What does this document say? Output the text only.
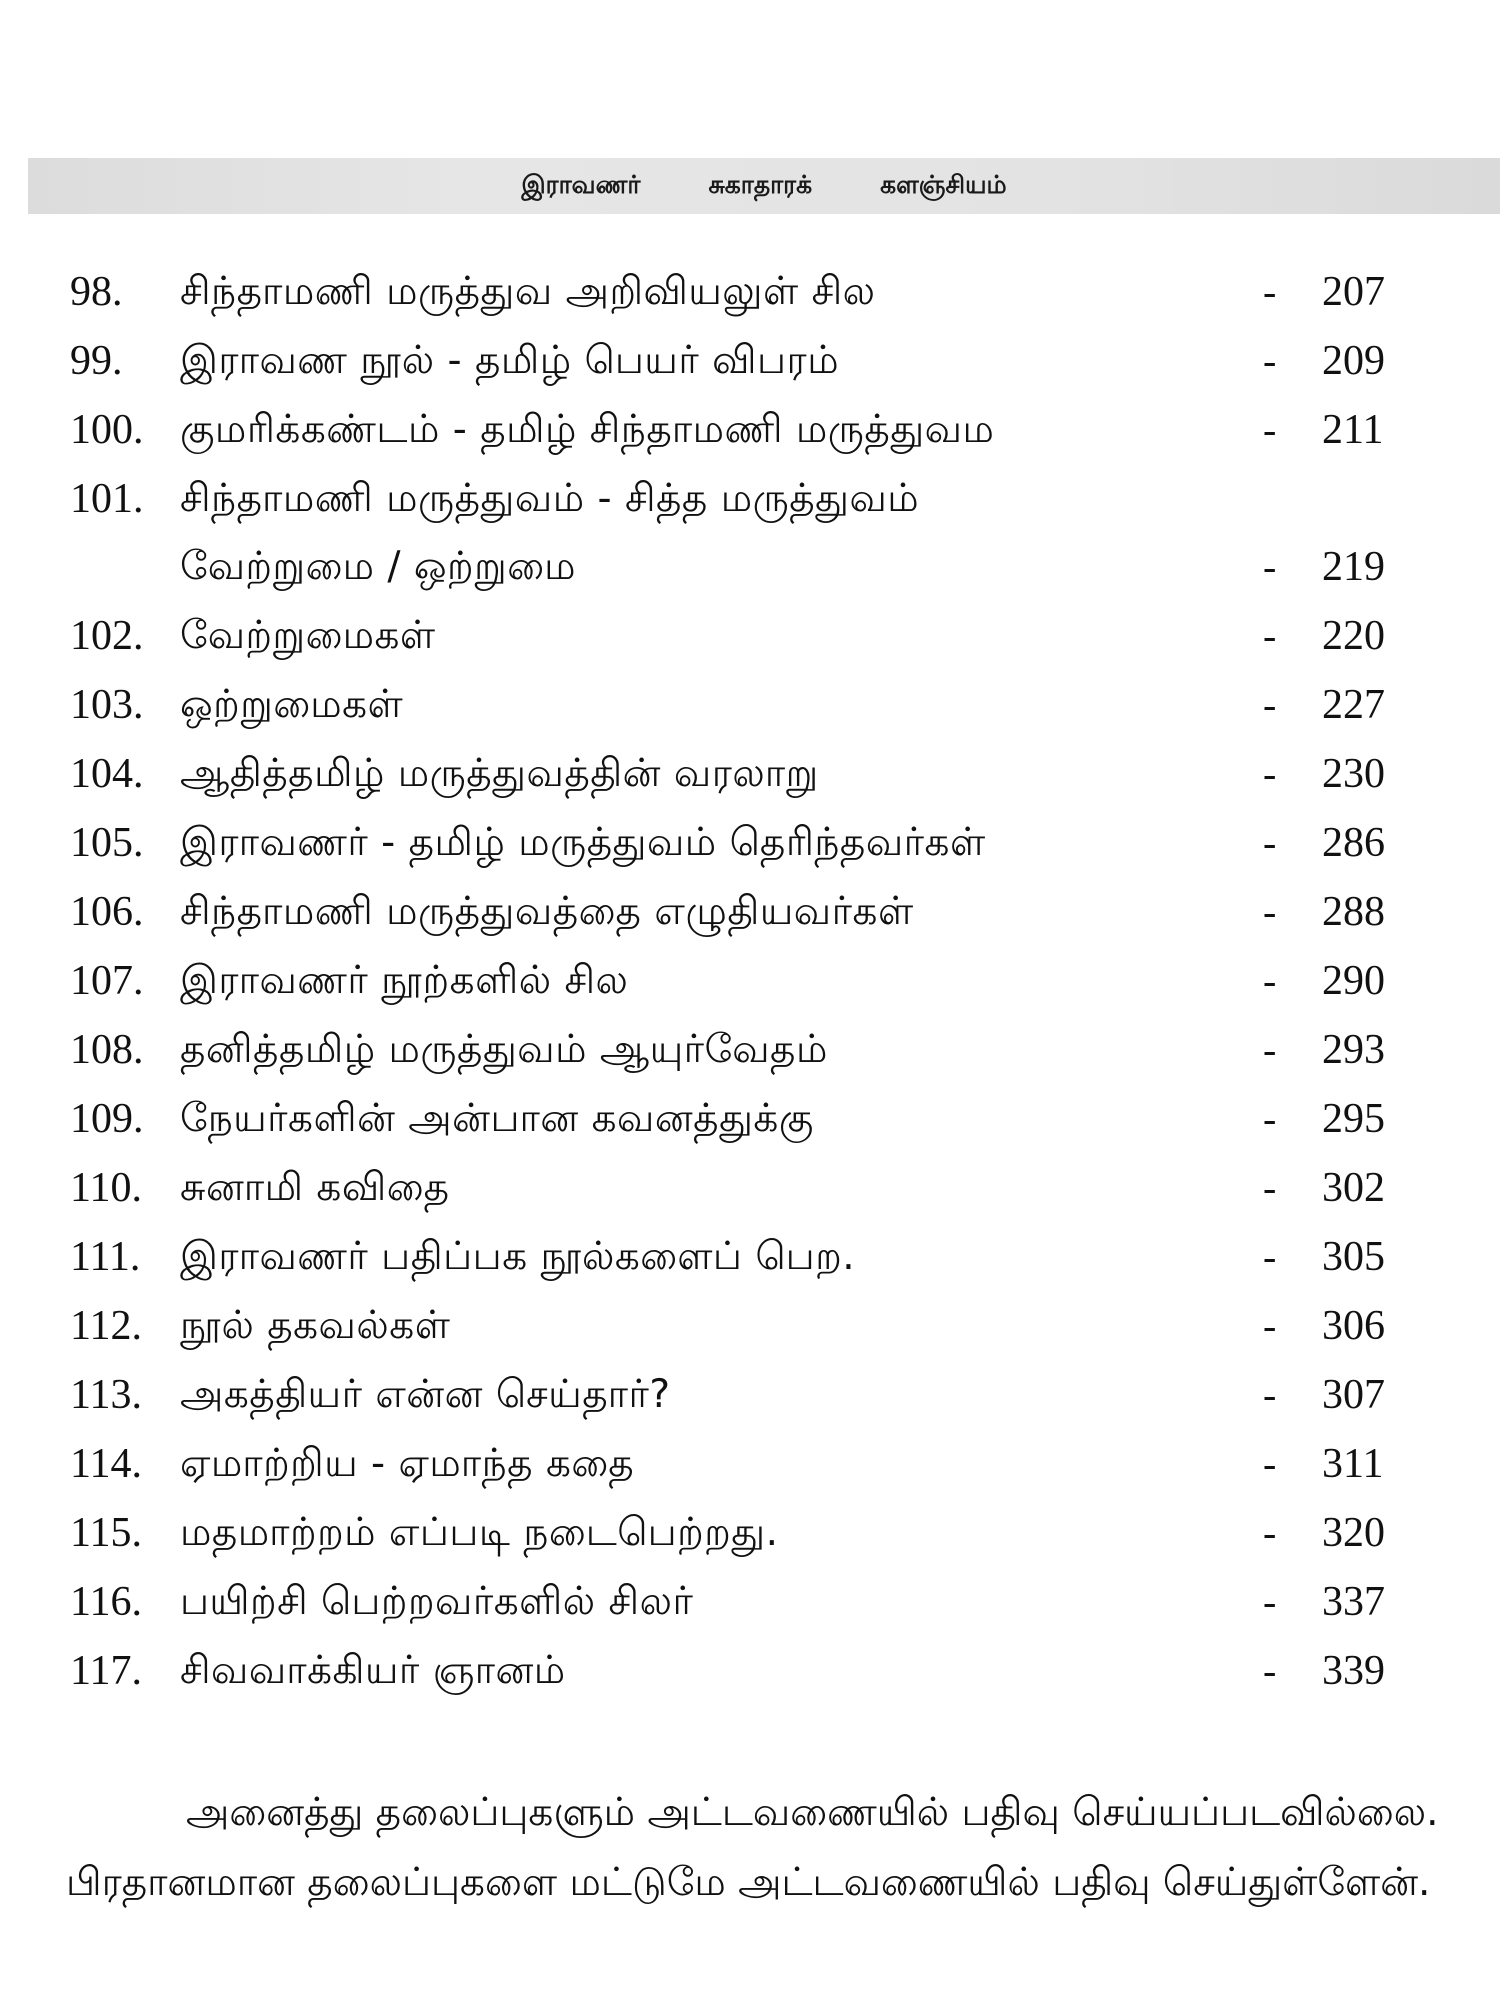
இராவணர்	சுகாதாரக்	களஞ்சியம்
98. சிந்தாமணி மருத்துவ அறிவியலுள் சில	- 207
99. இராவண நூல் - தமிழ் பெயர் விபரம்	- 209
100. குமரிக்கண்டம் - தமிழ் சிந்தாமணி மருத்துவம	- 211
101. சிந்தாமணி மருத்துவம் - சித்த மருத்துவம்
வேற்றுமை / ஒற்றுமை	- 219
102. வேற்றுமைகள்	- 220
103. ஒற்றுமைகள்	- 227
104. ஆதித்தமிழ் மருத்துவத்தின் வரலாறு	- 230
105. இராவணர் - தமிழ் மருத்துவம் தெரிந்தவர்கள்	- 286
106. சிந்தாமணி மருத்துவத்தை எழுதியவர்கள்	- 288
107. இராவணர் நூற்களில் சில	- 290
108. தனித்தமிழ் மருத்துவம் ஆயுர்வேதம்	- 293
109. நேயர்களின் அன்பான கவனத்துக்கு	- 295
110. சுனாமி கவிதை	- 302
111. இராவணர் பதிப்பக நூல்களைப் பெற.	- 305
112. நூல் தகவல்கள்	- 306
113. அகத்தியர் என்ன செய்தார்?	- 307
114. ஏமாற்றிய - ஏமாந்த கதை	- 311
115. மதமாற்றம் எப்படி நடைபெற்றது.	- 320
116. பயிற்சி பெற்றவர்களில் சிலர்	- 337
117. சிவவாக்கியர் ஞானம்	- 339

அனைத்து தலைப்புகளும் அட்டவணையில் பதிவு செய்யப்படவில்லை. பிரதானமான தலைப்புகளை மட்டுமே அட்டவணையில் பதிவு செய்துள்ளேன்.
